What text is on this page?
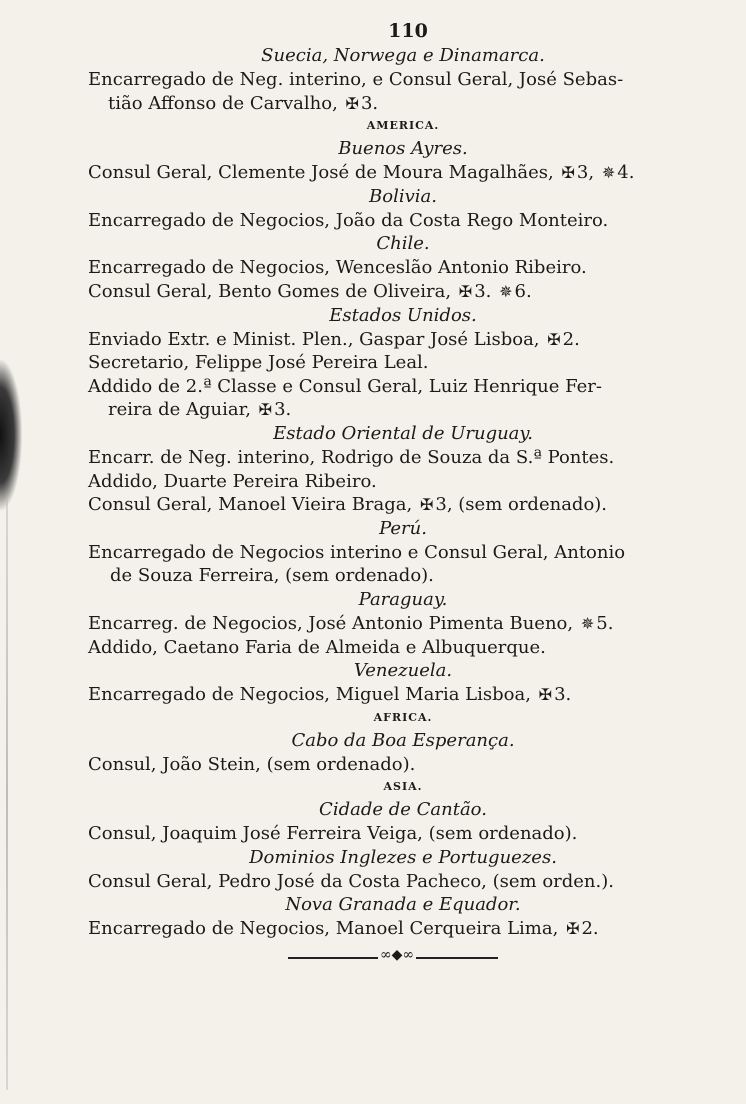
110
Suecia, Norwega e Dinamarca.
Encarregado de Neg. interino, e Consul Geral, José Sebas-
tião Affonso de Carvalho, ✠ 3.
AMERICA.
Buenos Ayres.
Consul Geral, Clemente José de Moura Magalhães, ✠ 3, ✵ 4.
Bolivia.
Encarregado de Negocios, João da Costa Rego Monteiro.
Chile.
Encarregado de Negocios, Wenceslão Antonio Ribeiro.
Consul Geral, Bento Gomes de Oliveira, ✠ 3. ✵ 6.
Estados Unidos.
Enviado Extr. e Minist. Plen., Gaspar José Lisboa, ✠ 2.
Secretario, Felippe José Pereira Leal.
Addido de 2.ª Classe e Consul Geral, Luiz Henrique Fer-
reira de Aguiar, ✠ 3.
Estado Oriental de Uruguay.
Encarr. de Neg. interino, Rodrigo de Souza da S.ª Pontes.
Addido, Duarte Pereira Ribeiro.
Consul Geral, Manoel Vieira Braga, ✠ 3, (sem ordenado).
Perú.
Encarregado de Negocios interino e Consul Geral, Antonio
de Souza Ferreira, (sem ordenado).
Paraguay.
Encarreg. de Negocios, José Antonio Pimenta Bueno, ✵ 5.
Addido, Caetano Faria de Almeida e Albuquerque.
Venezuela.
Encarregado de Negocios, Miguel Maria Lisboa, ✠ 3.
AFRICA.
Cabo da Boa Esperança.
Consul, João Stein, (sem ordenado).
ASIA.
Cidade de Cantão.
Consul, Joaquim José Ferreira Veiga, (sem ordenado).
Dominios Inglezes e Portuguezes.
Consul Geral, Pedro José da Costa Pacheco, (sem orden.).
Nova Granada e Equador.
Encarregado de Negocios, Manoel Cerqueira Lima, ✠ 2.
∞◆∞
